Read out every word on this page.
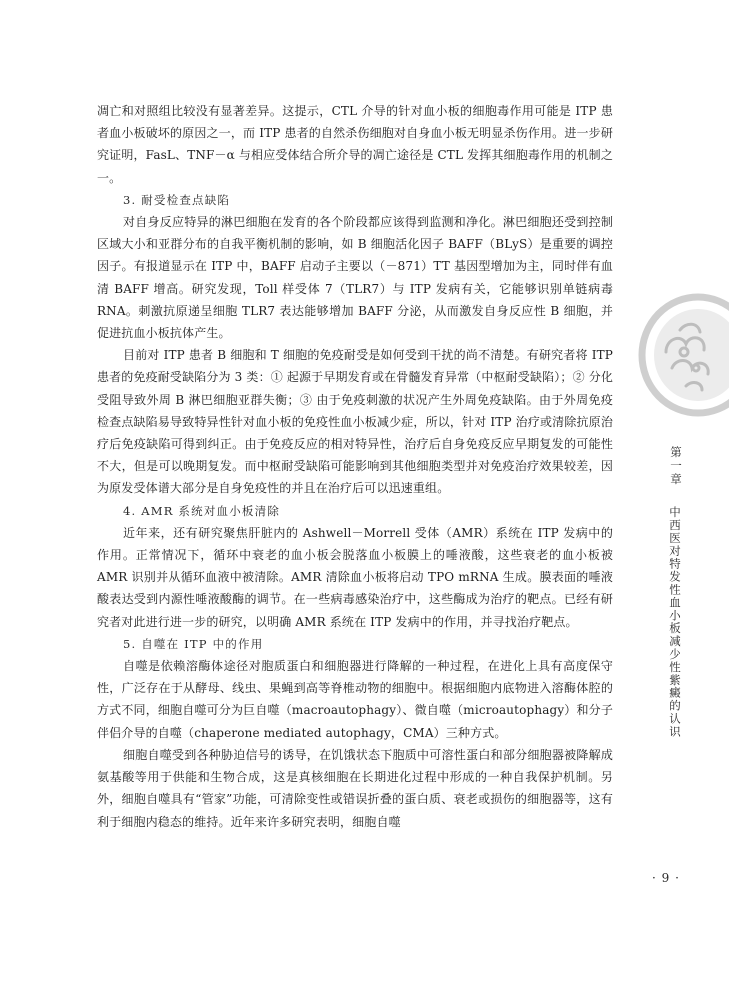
凋亡和对照组比较没有显著差异。这提示，CTL 介导的针对血小板的细胞毒作用可能是 ITP 患者血小板破坏的原因之一，而 ITP 患者的自然杀伤细胞对自身血小板无明显杀伤作用。进一步研究证明，FasL、TNF－α 与相应受体结合所介导的凋亡途径是 CTL 发挥其细胞毒作用的机制之一。

3. 耐受检查点缺陷

对自身反应特异的淋巴细胞在发育的各个阶段都应该得到监测和净化。淋巴细胞还受到控制区域大小和亚群分布的自我平衡机制的影响，如 B 细胞活化因子 BAFF（BLyS）是重要的调控因子。有报道显示在 ITP 中，BAFF 启动子主要以（－871）TT 基因型增加为主，同时伴有血清 BAFF 增高。研究发现，Toll 样受体 7（TLR7）与 ITP 发病有关，它能够识别单链病毒 RNA。刺激抗原递呈细胞 TLR7 表达能够增加 BAFF 分泌，从而激发自身反应性 B 细胞，并促进抗血小板抗体产生。

目前对 ITP 患者 B 细胞和 T 细胞的免疫耐受是如何受到干扰的尚不清楚。有研究者将 ITP 患者的免疫耐受缺陷分为 3 类：① 起源于早期发育或在骨髓发育异常（中枢耐受缺陷）；② 分化受阻导致外周 B 淋巴细胞亚群失衡；③ 由于免疫刺激的状况产生外周免疫缺陷。由于外周免疫检查点缺陷易导致特异性针对血小板的免疫性血小板减少症，所以，针对 ITP 治疗或清除抗原治疗后免疫缺陷可得到纠正。由于免疫反应的相对特异性，治疗后自身免疫反应早期复发的可能性不大，但是可以晚期复发。而中枢耐受缺陷可能影响到其他细胞类型并对免疫治疗效果较差，因为原发受体谱大部分是自身免疫性的并且在治疗后可以迅速重组。

4. AMR 系统对血小板清除

近年来，还有研究聚焦肝脏内的 Ashwell－Morrell 受体（AMR）系统在 ITP 发病中的作用。正常情况下，循环中衰老的血小板会脱落血小板膜上的唾液酸，这些衰老的血小板被 AMR 识别并从循环血液中被清除。AMR 清除血小板将启动 TPO mRNA 生成。膜表面的唾液酸表达受到内源性唾液酸酶的调节。在一些病毒感染治疗中，这些酶成为治疗的靶点。已经有研究者对此进行进一步的研究，以明确 AMR 系统在 ITP 发病中的作用，并寻找治疗靶点。

5. 自噬在 ITP 中的作用

自噬是依赖溶酶体途径对胞质蛋白和细胞器进行降解的一种过程，在进化上具有高度保守性，广泛存在于从酵母、线虫、果蝇到高等脊椎动物的细胞中。根据细胞内底物进入溶酶体腔的方式不同，细胞自噬可分为巨自噬（macroautophagy）、微自噬（microautophagy）和分子伴侣介导的自噬（chaperone mediated autophagy，CMA）三种方式。

细胞自噬受到各种胁迫信号的诱导，在饥饿状态下胞质中可溶性蛋白和部分细胞器被降解成氨基酸等用于供能和生物合成，这是真核细胞在长期进化过程中形成的一种自我保护机制。另外，细胞自噬具有“管家”功能，可清除变性或错误折叠的蛋白质、衰老或损伤的细胞器等，这有利于细胞内稳态的维持。近年来许多研究表明，细胞自噬

第一章
中西医对特发性血小板减少性紫癜的认识
· 9 ·
